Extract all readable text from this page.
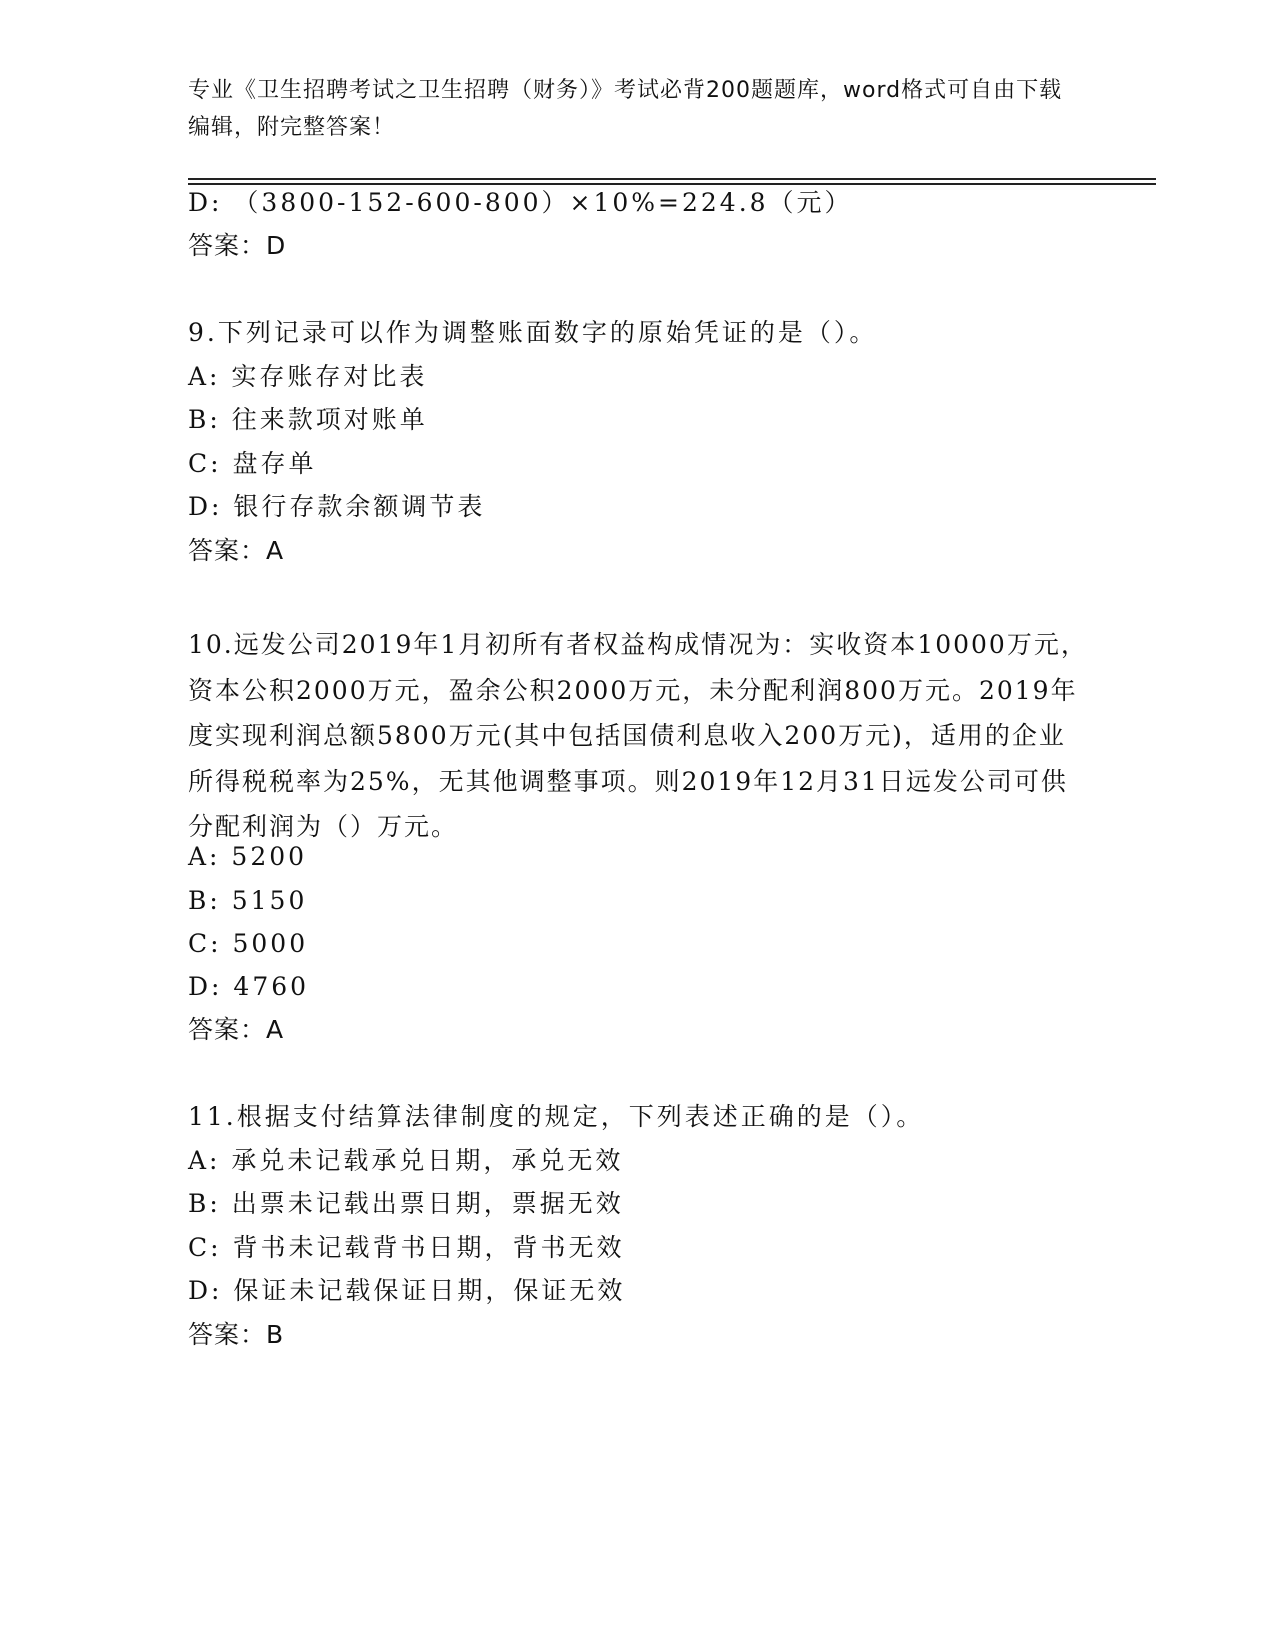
专业《卫生招聘考试之卫生招聘（财务）》考试必背200题题库，word格式可自由下载编辑，附完整答案！
D: （3800-152-600-800）×10%=224.8（元）
答案：D
9.下列记录可以作为调整账面数字的原始凭证的是（）。
A: 实存账存对比表
B: 往来款项对账单
C: 盘存单
D: 银行存款余额调节表
答案：A
10.远发公司2019年1月初所有者权益构成情况为：实收资本10000万元，资本公积2000万元，盈余公积2000万元，未分配利润800万元。2019年度实现利润总额5800万元(其中包括国债利息收入200万元)，适用的企业所得税税率为25%，无其他调整事项。则2019年12月31日远发公司可供分配利润为（）万元。
A: 5200
B: 5150
C: 5000
D: 4760
答案：A
11.根据支付结算法律制度的规定，下列表述正确的是（）。
A: 承兑未记载承兑日期，承兑无效
B: 出票未记载出票日期，票据无效
C: 背书未记载背书日期，背书无效
D: 保证未记载保证日期，保证无效
答案：B
